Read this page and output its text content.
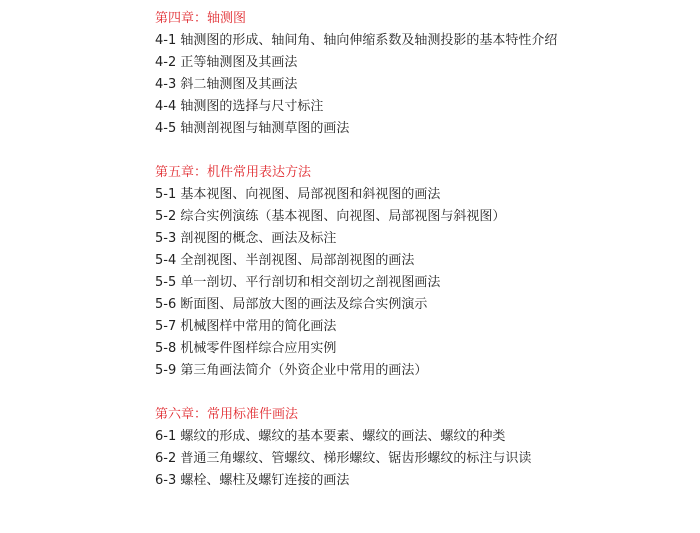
第四章：轴测图
4-1 轴测图的形成、轴间角、轴向伸缩系数及轴测投影的基本特性介绍
4-2 正等轴测图及其画法
4-3 斜二轴测图及其画法
4-4 轴测图的选择与尺寸标注
4-5 轴测剖视图与轴测草图的画法
第五章：机件常用表达方法
5-1 基本视图、向视图、局部视图和斜视图的画法
5-2 综合实例演练（基本视图、向视图、局部视图与斜视图）
5-3 剖视图的概念、画法及标注
5-4 全剖视图、半剖视图、局部剖视图的画法
5-5 单一剖切、平行剖切和相交剖切之剖视图画法
5-6 断面图、局部放大图的画法及综合实例演示
5-7 机械图样中常用的简化画法
5-8 机械零件图样综合应用实例
5-9 第三角画法简介（外资企业中常用的画法）
第六章：常用标准件画法
6-1 螺纹的形成、螺纹的基本要素、螺纹的画法、螺纹的种类
6-2 普通三角螺纹、管螺纹、梯形螺纹、锯齿形螺纹的标注与识读
6-3 螺栓、螺柱及螺钉连接的画法
